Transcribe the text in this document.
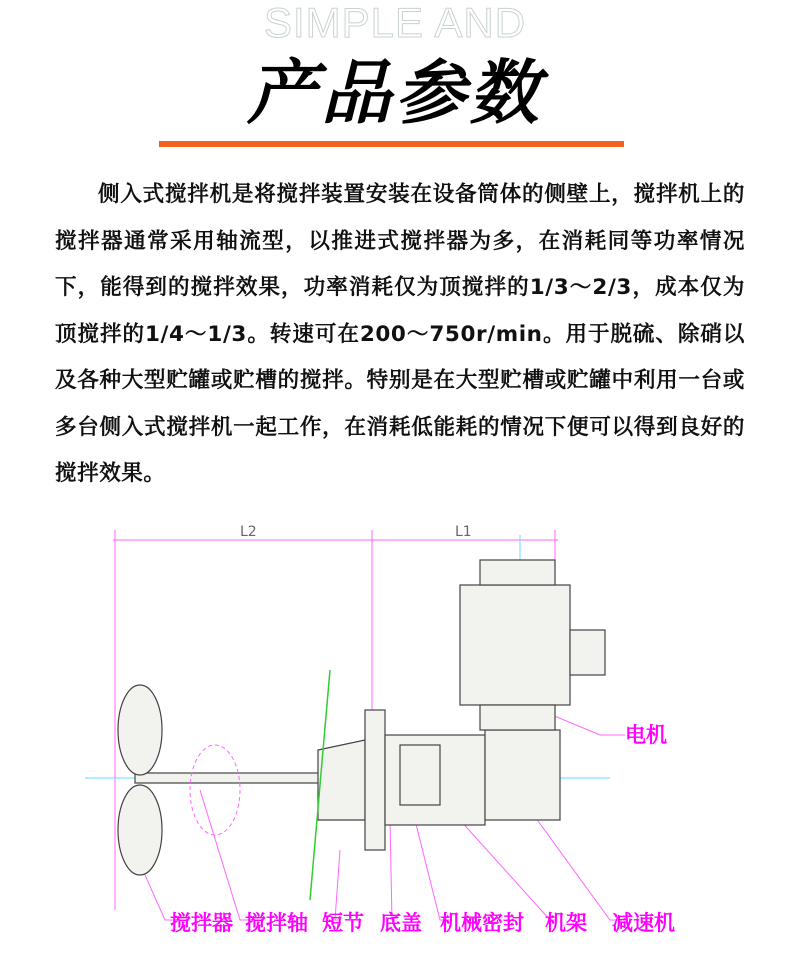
SIMPLE AND
产品参数
侧入式搅拌机是将搅拌装置安装在设备筒体的侧壁上，搅拌机上的搅拌器通常采用轴流型，以推进式搅拌器为多，在消耗同等功率情况下，能得到的搅拌效果，功率消耗仅为顶搅拌的1/3～2/3，成本仅为顶搅拌的1/4～1/3。转速可在200～750r/min。用于脱硫、除硝以及各种大型贮罐或贮槽的搅拌。特别是在大型贮槽或贮罐中利用一台或多台侧入式搅拌机一起工作，在消耗低能耗的情况下便可以得到良好的搅拌效果。
L2	L1
电机
搅拌器 搅拌轴 短节 底盖 机械密封 机架 减速机
